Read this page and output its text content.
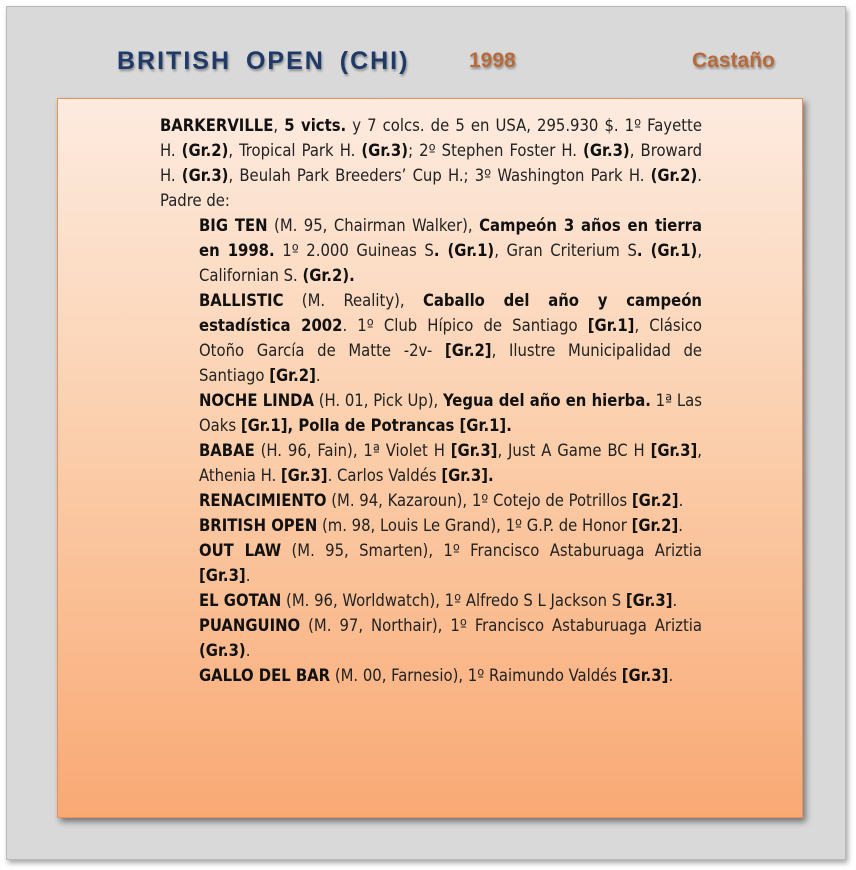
BRITISH OPEN (CHI)	1998	Castaño

BARKERVILLE, 5 victs. y 7 colcs. de 5 en USA, 295.930 $. 1º Fayette H. (Gr.2), Tropical Park H. (Gr.3); 2º Stephen Foster H. (Gr.3), Broward H. (Gr.3), Beulah Park Breeders’ Cup H.; 3º Washington Park H. (Gr.2). Padre de:

BIG TEN (M. 95, Chairman Walker), Campeón 3 años en tierra en 1998. 1º 2.000 Guineas S. (Gr.1), Gran Criterium S. (Gr.1), Californian S. (Gr.2).

BALLISTIC (M. Reality), Caballo del año y campeón estadística 2002. 1º Club Hípico de Santiago [Gr.1], Clásico Otoño García de Matte -2v- [Gr.2], Ilustre Municipalidad de Santiago [Gr.2].

NOCHE LINDA (H. 01, Pick Up), Yegua del año en hierba. 1ª Las Oaks [Gr.1], Polla de Potrancas [Gr.1].

BABAE (H. 96, Fain), 1ª Violet H [Gr.3], Just A Game BC H [Gr.3], Athenia H. [Gr.3]. Carlos Valdés [Gr.3].

RENACIMIENTO (M. 94, Kazaroun), 1º Cotejo de Potrillos [Gr.2].

BRITISH OPEN (m. 98, Louis Le Grand), 1º G.P. de Honor [Gr.2].

OUT LAW (M. 95, Smarten), 1º Francisco Astaburuaga Ariztia [Gr.3].

EL GOTAN (M. 96, Worldwatch), 1º Alfredo S L Jackson S [Gr.3].

PUANGUINO (M. 97, Northair), 1º Francisco Astaburuaga Ariztia (Gr.3).

GALLO DEL BAR (M. 00, Farnesio), 1º Raimundo Valdés [Gr.3].
